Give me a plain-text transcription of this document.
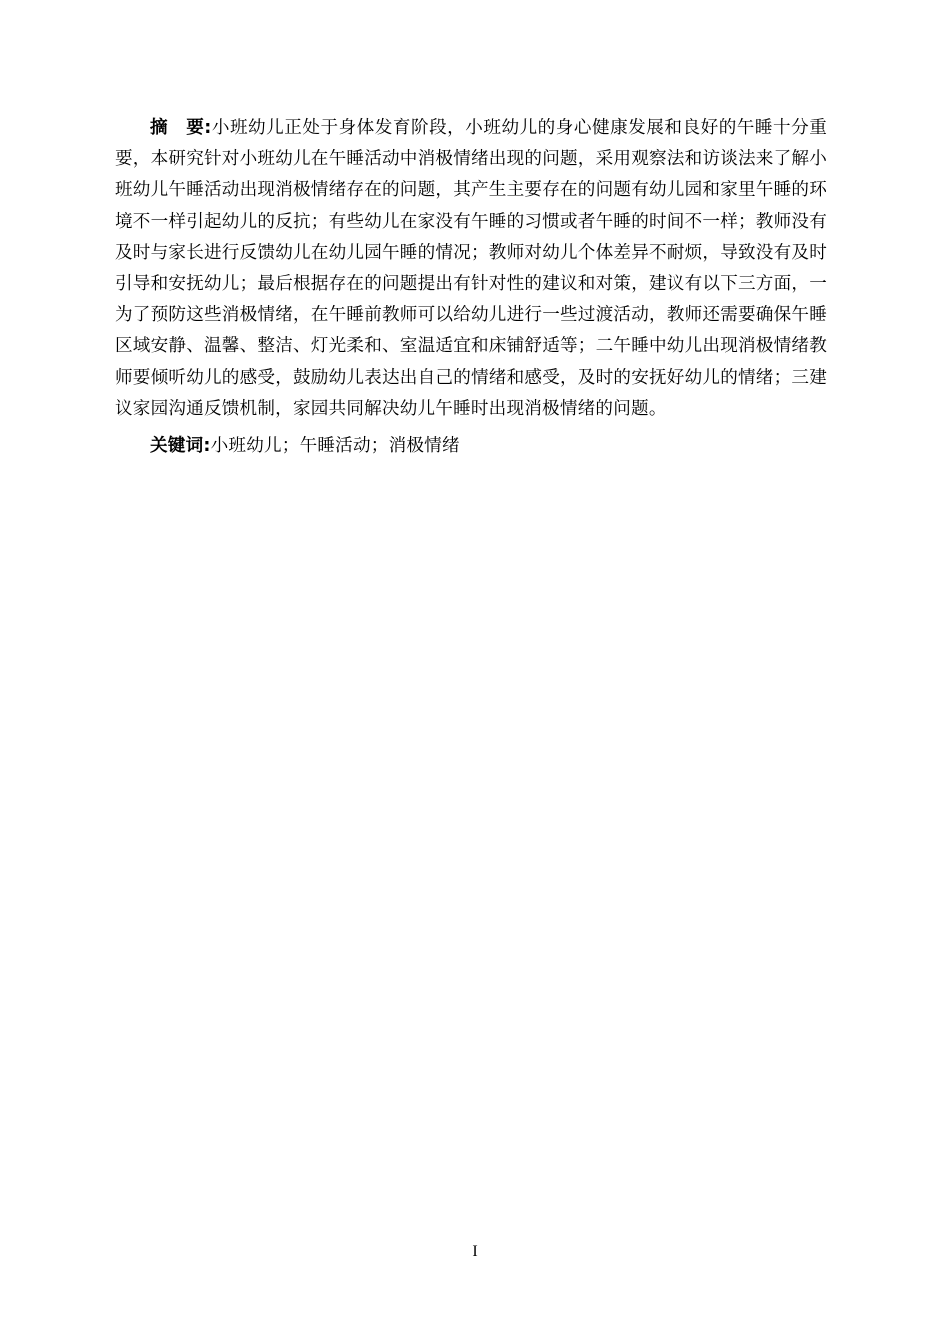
摘　要:小班幼儿正处于身体发育阶段，小班幼儿的身心健康发展和良好的午睡十分重要，本研究针对小班幼儿在午睡活动中消极情绪出现的问题，采用观察法和访谈法来了解小班幼儿午睡活动出现消极情绪存在的问题，其产生主要存在的问题有幼儿园和家里午睡的环境不一样引起幼儿的反抗；有些幼儿在家没有午睡的习惯或者午睡的时间不一样；教师没有及时与家长进行反馈幼儿在幼儿园午睡的情况；教师对幼儿个体差异不耐烦，导致没有及时引导和安抚幼儿；最后根据存在的问题提出有针对性的建议和对策，建议有以下三方面，一为了预防这些消极情绪，在午睡前教师可以给幼儿进行一些过渡活动，教师还需要确保午睡区域安静、温馨、整洁、灯光柔和、室温适宜和床铺舒适等；二午睡中幼儿出现消极情绪教师要倾听幼儿的感受，鼓励幼儿表达出自己的情绪和感受，及时的安抚好幼儿的情绪；三建议家园沟通反馈机制，家园共同解决幼儿午睡时出现消极情绪的问题。

关键词:小班幼儿；午睡活动；消极情绪

I
